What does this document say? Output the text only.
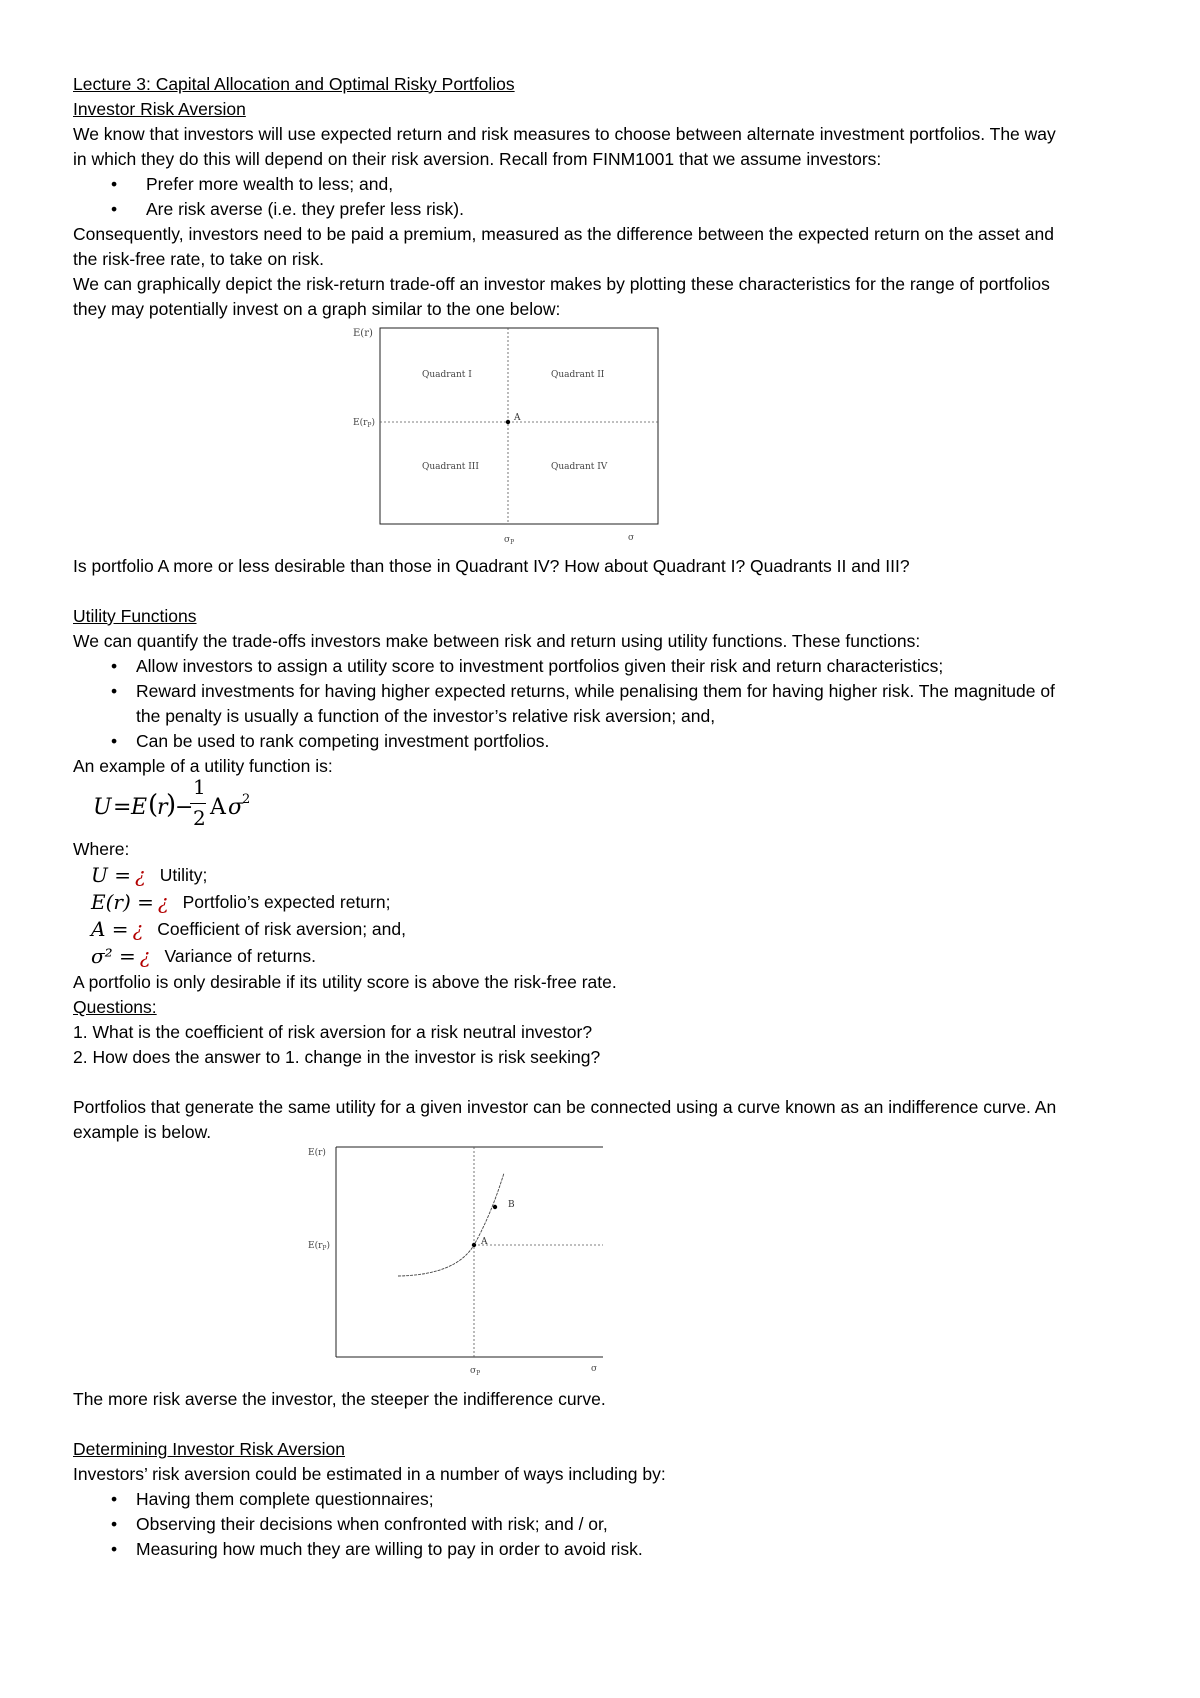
Lecture 3: Capital Allocation and Optimal Risky Portfolios

Investor Risk Aversion

We know that investors will use expected return and risk measures to choose between alternate investment portfolios. The way

in which they do this will depend on their risk aversion. Recall from FINM1001 that we assume investors:

• Prefer more wealth to less; and,
• Are risk averse (i.e. they prefer less risk).

Consequently, investors need to be paid a premium, measured as the difference between the expected return on the asset and

the risk-free rate, to take on risk.

We can graphically depict the risk-return trade-off an investor makes by plotting these characteristics for the range of portfolios

they may potentially invest on a graph similar to the one below:

E(r)
A
Quadrant I	Quadrant II
Quadrant III	Quadrant IV
$E(r_P)$
$\sigma_P$	σ

Is portfolio A more or less desirable than those in Quadrant IV? How about Quadrant I? Quadrants II and III?

Utility Functions

We can quantify the trade-offs investors make between risk and return using utility functions. These functions:

• Allow investors to assign a utility score to investment portfolios given their risk and return characteristics;
• Reward investments for having higher expected returns, while penalising them for having higher risk. The magnitude of
the penalty is usually a function of the investor’s relative risk aversion; and,
• Can be used to rank competing investment portfolios.

An example of a utility function is:

U = E (
r
)
−
1
2 A σ
2

Where:

U = ¿ Utility;
E(r) = ¿ Portfolio’s expected return;
A = ¿ Coefficient of risk aversion; and,
σ² = ¿ Variance of returns.

A portfolio is only desirable if its utility score is above the risk-free rate.

Questions:

1. What is the coefficient of risk aversion for a risk neutral investor?

2. How does the answer to 1. change in the investor is risk seeking?

Portfolios that generate the same utility for a given investor can be connected using a curve known as an indifference curve. An

example is below.

E(r)
A
B
$E(r_P)$
$\sigma_P$	σ

The more risk averse the investor, the steeper the indifference curve.

Determining Investor Risk Aversion

Investors’ risk aversion could be estimated in a number of ways including by:

• Having them complete questionnaires;
• Observing their decisions when confronted with risk; and / or,
• Measuring how much they are willing to pay in order to avoid risk.
